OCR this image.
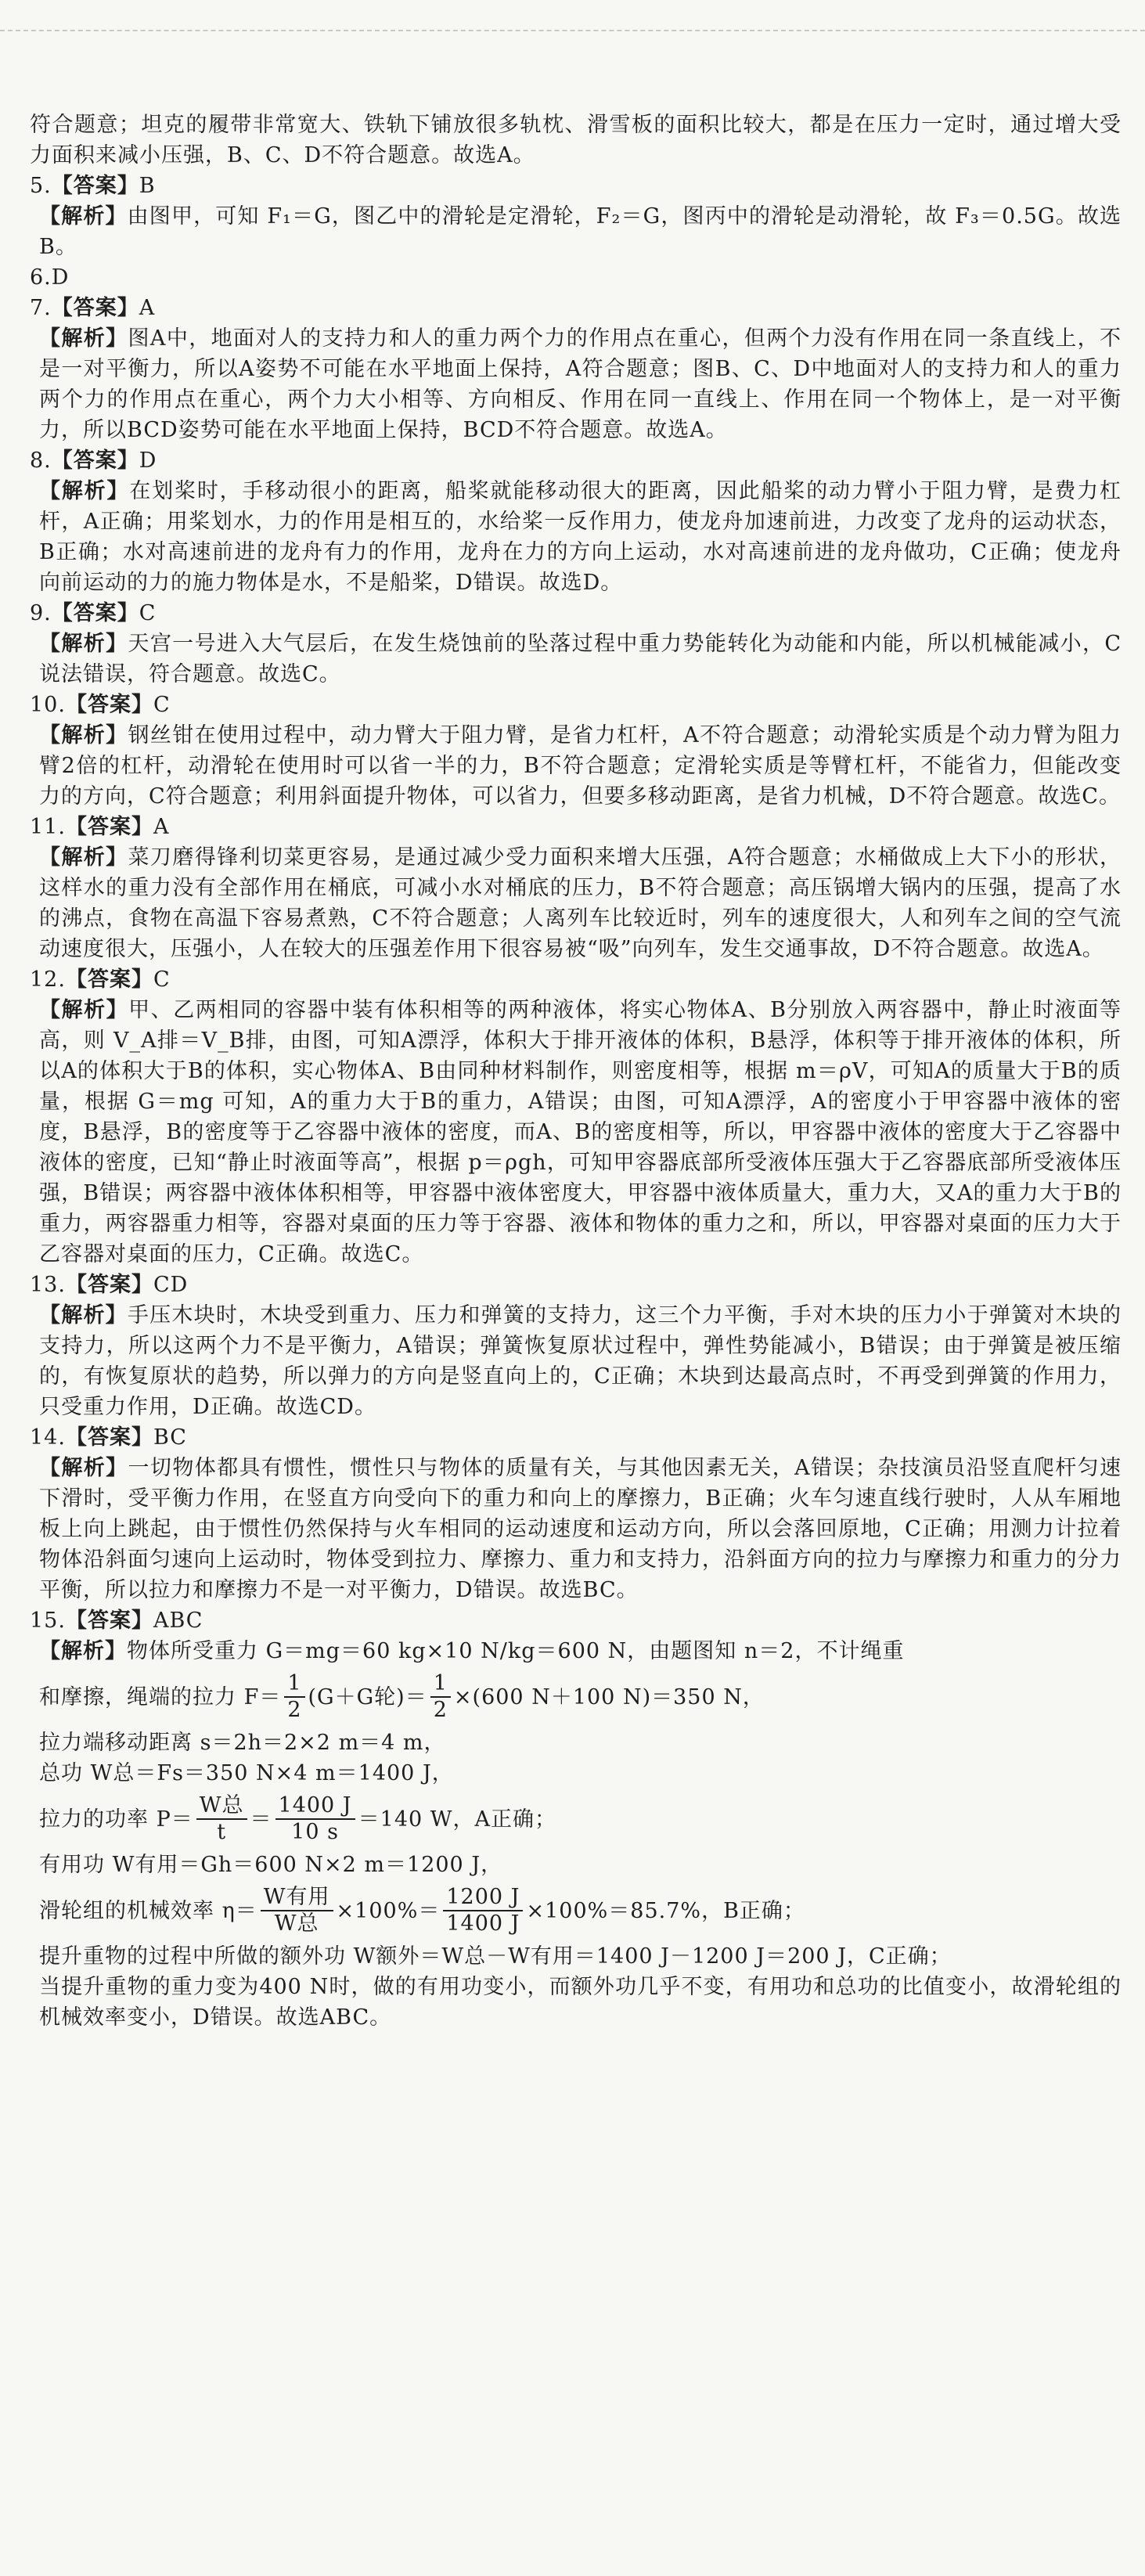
符合题意；坦克的履带非常宽大、铁轨下铺放很多轨枕、滑雪板的面积比较大，都是在压力一定时，通过增大受力面积来减小压强，B、C、D不符合题意。故选A。

5.【答案】B

【解析】由图甲，可知 F₁＝G，图乙中的滑轮是定滑轮，F₂＝G，图丙中的滑轮是动滑轮，故 F₃＝0.5G。故选B。

6.D

7.【答案】A

【解析】图A中，地面对人的支持力和人的重力两个力的作用点在重心，但两个力没有作用在同一条直线上，不是一对平衡力，所以A姿势不可能在水平地面上保持，A符合题意；图B、C、D中地面对人的支持力和人的重力两个力的作用点在重心，两个力大小相等、方向相反、作用在同一直线上、作用在同一个物体上，是一对平衡力，所以BCD姿势可能在水平地面上保持，BCD不符合题意。故选A。

8.【答案】D

【解析】在划桨时，手移动很小的距离，船桨就能移动很大的距离，因此船桨的动力臂小于阻力臂，是费力杠杆，A正确；用桨划水，力的作用是相互的，水给桨一反作用力，使龙舟加速前进，力改变了龙舟的运动状态，B正确；水对高速前进的龙舟有力的作用，龙舟在力的方向上运动，水对高速前进的龙舟做功，C正确；使龙舟向前运动的力的施力物体是水，不是船桨，D错误。故选D。

9.【答案】C

【解析】天宫一号进入大气层后，在发生烧蚀前的坠落过程中重力势能转化为动能和内能，所以机械能减小，C说法错误，符合题意。故选C。

10.【答案】C

【解析】钢丝钳在使用过程中，动力臂大于阻力臂，是省力杠杆，A不符合题意；动滑轮实质是个动力臂为阻力臂2倍的杠杆，动滑轮在使用时可以省一半的力，B不符合题意；定滑轮实质是等臂杠杆，不能省力，但能改变力的方向，C符合题意；利用斜面提升物体，可以省力，但要多移动距离，是省力机械，D不符合题意。故选C。

11.【答案】A

【解析】菜刀磨得锋利切菜更容易，是通过减少受力面积来增大压强，A符合题意；水桶做成上大下小的形状，这样水的重力没有全部作用在桶底，可减小水对桶底的压力，B不符合题意；高压锅增大锅内的压强，提高了水的沸点，食物在高温下容易煮熟，C不符合题意；人离列车比较近时，列车的速度很大，人和列车之间的空气流动速度很大，压强小，人在较大的压强差作用下很容易被“吸”向列车，发生交通事故，D不符合题意。故选A。

12.【答案】C

【解析】甲、乙两相同的容器中装有体积相等的两种液体，将实心物体A、B分别放入两容器中，静止时液面等高，则 V_A排＝V_B排，由图，可知A漂浮，体积大于排开液体的体积，B悬浮，体积等于排开液体的体积，所以A的体积大于B的体积，实心物体A、B由同种材料制作，则密度相等，根据 m＝ρV，可知A的质量大于B的质量，根据 G＝mg 可知，A的重力大于B的重力，A错误；由图，可知A漂浮，A的密度小于甲容器中液体的密度，B悬浮，B的密度等于乙容器中液体的密度，而A、B的密度相等，所以，甲容器中液体的密度大于乙容器中液体的密度，已知“静止时液面等高”，根据 p＝ρgh，可知甲容器底部所受液体压强大于乙容器底部所受液体压强，B错误；两容器中液体体积相等，甲容器中液体密度大，甲容器中液体质量大，重力大，又A的重力大于B的重力，两容器重力相等，容器对桌面的压力等于容器、液体和物体的重力之和，所以，甲容器对桌面的压力大于乙容器对桌面的压力，C正确。故选C。

13.【答案】CD

【解析】手压木块时，木块受到重力、压力和弹簧的支持力，这三个力平衡，手对木块的压力小于弹簧对木块的支持力，所以这两个力不是平衡力，A错误；弹簧恢复原状过程中，弹性势能减小，B错误；由于弹簧是被压缩的，有恢复原状的趋势，所以弹力的方向是竖直向上的，C正确；木块到达最高点时，不再受到弹簧的作用力，只受重力作用，D正确。故选CD。

14.【答案】BC

【解析】一切物体都具有惯性，惯性只与物体的质量有关，与其他因素无关，A错误；杂技演员沿竖直爬杆匀速下滑时，受平衡力作用，在竖直方向受向下的重力和向上的摩擦力，B正确；火车匀速直线行驶时，人从车厢地板上向上跳起，由于惯性仍然保持与火车相同的运动速度和运动方向，所以会落回原地，C正确；用测力计拉着物体沿斜面匀速向上运动时，物体受到拉力、摩擦力、重力和支持力，沿斜面方向的拉力与摩擦力和重力的分力平衡，所以拉力和摩擦力不是一对平衡力，D错误。故选BC。

15.【答案】ABC

【解析】物体所受重力 G＝mg＝60 kg×10 N/kg＝600 N，由题图知 n＝2，不计绳重

和摩擦，绳端的拉力 $F= \frac{1}{2} (G+G$轮)＝ $\frac{1}{2} \times(600$ N＋100 N)＝350 N，

拉力端移动距离 s＝2h＝2×2 m＝4 m，

总功 W总＝Fs＝350 N×4 m＝1400 J，

拉力的功率 $P= \frac{\text{W总}}{t} = \frac{1400 J}{10 s} =140$ W，A正确；

有用功 W有用＝Gh＝600 N×2 m＝1200 J，

滑轮组的机械效率 $\eta= \frac{\text{W有用}}{\text{W总}} \times 100\%= \frac{1200 J}{1400 J} \times 100\%=85.7\%$，B正确；

提升重物的过程中所做的额外功 W额外＝W总－W有用＝1400 J－1200 J＝200 J，C正确；

当提升重物的重力变为400 N时，做的有用功变小，而额外功几乎不变，有用功和总功的比值变小，故滑轮组的机械效率变小，D错误。故选ABC。
